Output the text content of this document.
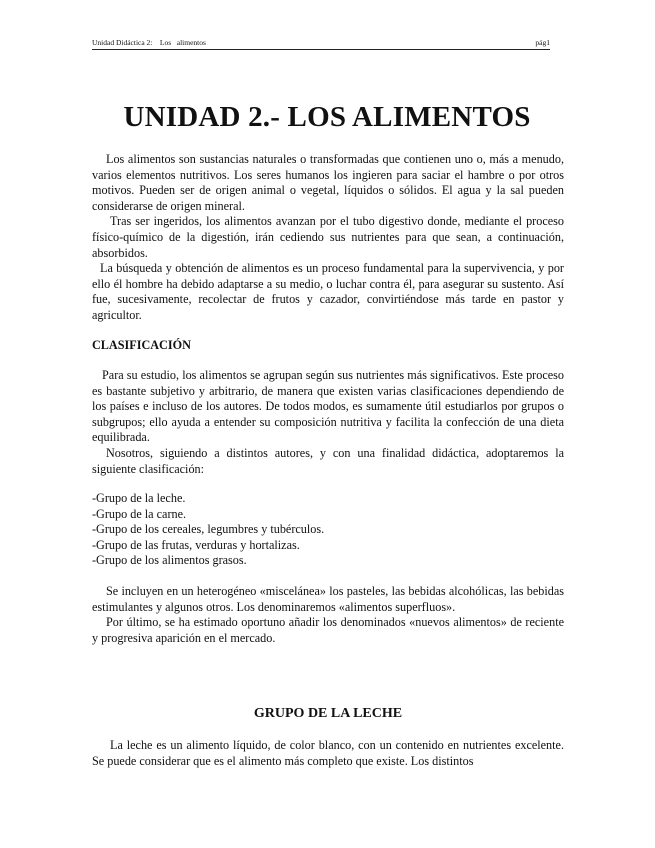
Unidad Didáctica 2:    Los   alimentos	pág1
UNIDAD 2.- LOS ALIMENTOS

Los alimentos son sustancias naturales o transformadas que contienen uno o, más a menudo, varios elementos nutritivos. Los seres humanos los ingieren para saciar el hambre o por otros motivos. Pueden ser de origen animal o vegetal, líquidos o sólidos. El agua y la sal pueden considerarse de origen mineral.

Tras ser ingeridos, los alimentos avanzan por el tubo digestivo donde, mediante el proceso físico-químico de la digestión, irán cediendo sus nutrientes para que sean, a continuación, absorbidos.

La búsqueda y obtención de alimentos es un proceso fundamental para la supervivencia, y por ello él hombre ha debido adaptarse a su medio, o luchar contra él, para asegurar su sustento. Así fue, sucesivamente, recolectar de frutos y cazador, convirtiéndose más tarde en pastor y agricultor.

CLASIFICACIÓN

Para su estudio, los alimentos se agrupan según sus nutrientes más significativos. Este proceso es bastante subjetivo y arbitrario, de manera que existen varias clasificaciones dependiendo de los países e incluso de los autores. De todos modos, es sumamente útil estudiarlos por grupos o subgrupos; ello ayuda a entender su composición nutritiva y facilita la confección de una dieta equilibrada.

Nosotros, siguiendo a distintos autores, y con una finalidad didáctica, adoptaremos la siguiente clasificación:

-Grupo de la leche.
-Grupo de la carne.
-Grupo de los cereales, legumbres y tubérculos.
-Grupo de las frutas, verduras y hortalizas.
-Grupo de los alimentos grasos.

Se incluyen en un heterogéneo «miscelánea» los pasteles, las bebidas alcohólicas, las bebidas estimulantes y algunos otros. Los denominaremos «alimentos superfluos».

Por último, se ha estimado oportuno añadir los denominados «nuevos alimentos» de reciente y progresiva aparición en el mercado.

GRUPO DE LA LECHE

La leche es un alimento líquido, de color blanco, con un contenido en nutrientes excelente. Se puede considerar que es el alimento más completo que existe. Los distintos
